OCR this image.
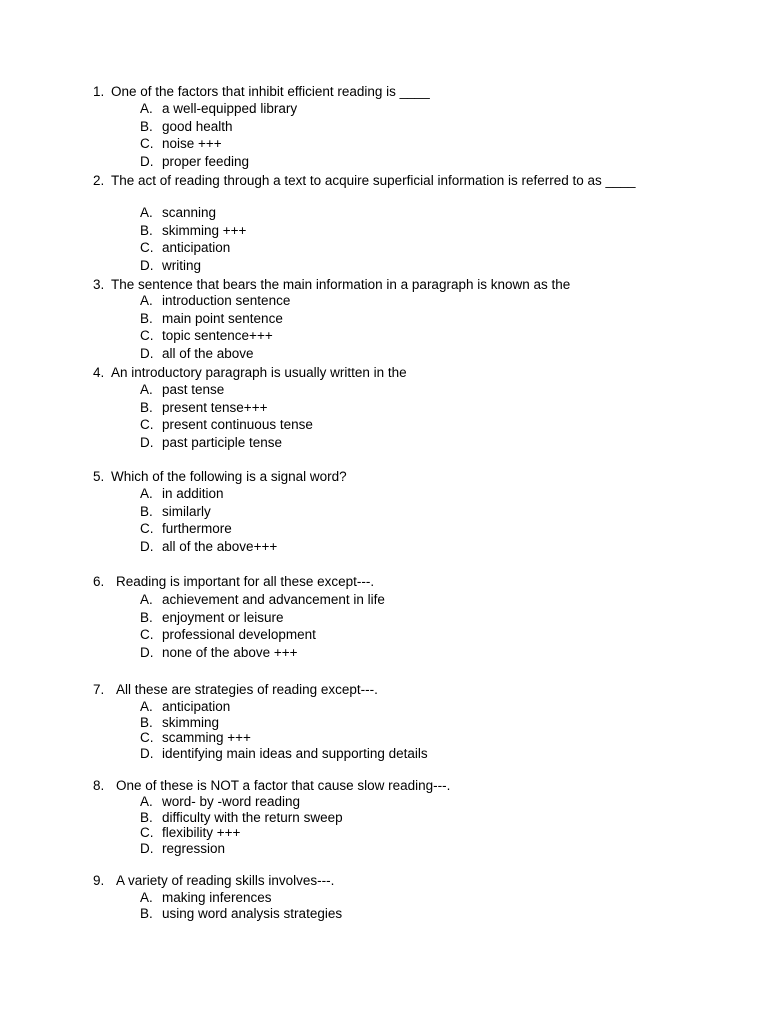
1. One of the factors that inhibit efficient reading is ____
A. a well-equipped library
B. good health
C. noise +++
D. proper feeding
2. The act of reading through a text to acquire superficial information is referred to as ____
A. scanning
B. skimming +++
C. anticipation
D. writing
3. The sentence that bears the main information in a paragraph is known as the
A. introduction sentence
B. main point sentence
C. topic sentence+++
D. all of the above
4. An introductory paragraph is usually written in the
A. past tense
B. present tense+++
C. present continuous tense
D. past participle tense
5. Which of the following is a signal word?
A. in addition
B. similarly
C. furthermore
D. all of the above+++
6. Reading is important for all these except---.
A. achievement and advancement in life
B. enjoyment or leisure
C. professional development
D. none of the above +++
7. All these are strategies of reading except---.
A. anticipation
B. skimming
C. scamming +++
D. identifying main ideas and supporting details
8. One of these is NOT a factor that cause slow reading---.
A. word- by -word reading
B. difficulty with the return sweep
C. flexibility +++
D. regression
9. A variety of reading skills involves---.
A. making inferences
B. using word analysis strategies
